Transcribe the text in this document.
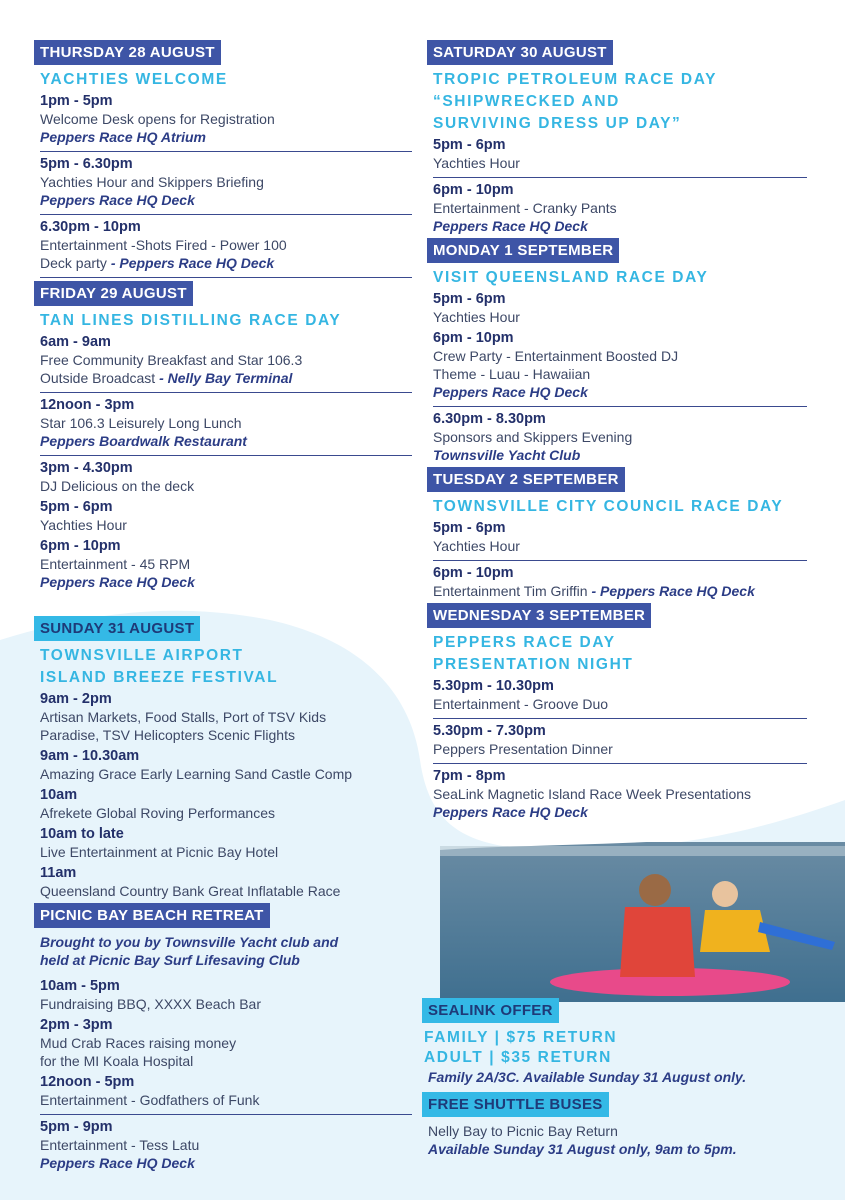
THURSDAY 28 AUGUST
YACHTIES WELCOME
1pm - 5pm
Welcome Desk opens for Registration
Peppers Race HQ Atrium
5pm - 6.30pm
Yachties Hour and Skippers Briefing
Peppers Race HQ Deck
6.30pm - 10pm
Entertainment -Shots Fired - Power 100
Deck party - Peppers Race HQ Deck
FRIDAY 29 AUGUST
TAN LINES DISTILLING RACE DAY
6am - 9am
Free Community Breakfast and Star 106.3
Outside Broadcast - Nelly Bay Terminal
12noon - 3pm
Star 106.3 Leisurely Long Lunch
Peppers Boardwalk Restaurant
3pm - 4.30pm
DJ Delicious on the deck
5pm - 6pm
Yachties Hour
6pm - 10pm
Entertainment - 45 RPM
Peppers Race HQ Deck
SUNDAY 31 AUGUST
TOWNSVILLE AIRPORT
ISLAND BREEZE FESTIVAL
9am - 2pm
Artisan Markets, Food Stalls, Port of TSV Kids
Paradise, TSV Helicopters Scenic Flights
9am - 10.30am
Amazing Grace Early Learning Sand Castle Comp
10am
Afrekete Global Roving Performances
10am to late
Live Entertainment at Picnic Bay Hotel
11am
Queensland Country Bank Great Inflatable Race
PICNIC BAY BEACH RETREAT
Brought to you by Townsville Yacht club and
held at Picnic Bay Surf Lifesaving Club
10am - 5pm
Fundraising BBQ, XXXX Beach Bar
2pm - 3pm
Mud Crab Races raising money
for the MI Koala Hospital
12noon - 5pm
Entertainment - Godfathers of Funk
5pm - 9pm
Entertainment - Tess Latu
Peppers Race HQ Deck
SATURDAY 30 AUGUST
TROPIC PETROLEUM RACE DAY
“SHIPWRECKED AND
SURVIVING DRESS UP DAY”
5pm - 6pm
Yachties Hour
6pm - 10pm
Entertainment - Cranky Pants
Peppers Race HQ Deck
MONDAY 1 SEPTEMBER
VISIT QUEENSLAND RACE DAY
5pm - 6pm
Yachties Hour
6pm - 10pm
Crew Party - Entertainment Boosted DJ
Theme - Luau - Hawaiian
Peppers Race HQ Deck
6.30pm - 8.30pm
Sponsors and Skippers Evening
Townsville Yacht Club
TUESDAY 2 SEPTEMBER
TOWNSVILLE CITY COUNCIL RACE DAY
5pm - 6pm
Yachties Hour
6pm - 10pm
Entertainment Tim Griffin - Peppers Race HQ Deck
WEDNESDAY 3 SEPTEMBER
PEPPERS RACE DAY
PRESENTATION NIGHT
5.30pm - 10.30pm
Entertainment - Groove Duo
5.30pm - 7.30pm
Peppers Presentation Dinner
7pm - 8pm
SeaLink Magnetic Island Race Week Presentations
Peppers Race HQ Deck
SEALINK OFFER
FAMILY | $75 RETURN
ADULT | $35 RETURN
Family 2A/3C. Available Sunday 31 August only.
FREE SHUTTLE BUSES
Nelly Bay to Picnic Bay Return
Available Sunday 31 August only, 9am to 5pm.
